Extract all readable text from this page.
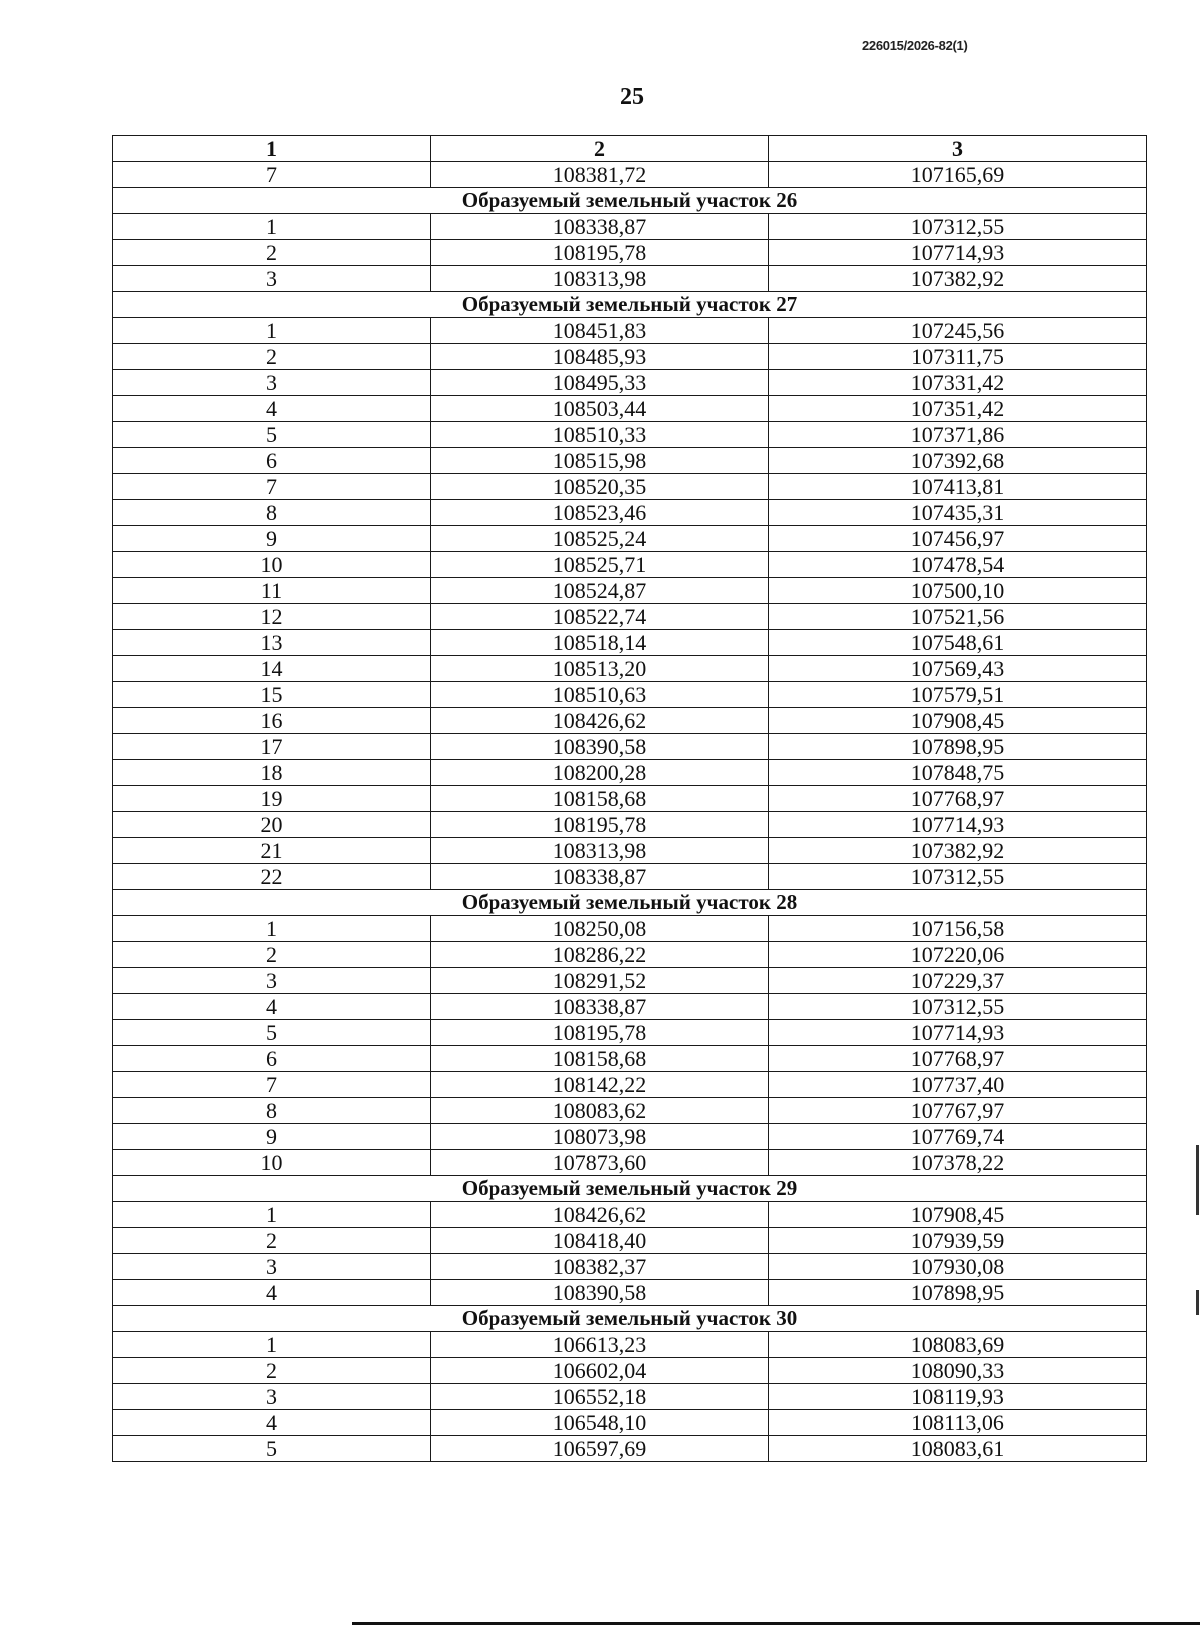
226015/2026-82(1)
25
1	2	3
7	108381,72	107165,69
Образуемый земельный участок 26		
1	108338,87	107312,55
2	108195,78	107714,93
3	108313,98	107382,92
Образуемый земельный участок 27		
1	108451,83	107245,56
2	108485,93	107311,75
3	108495,33	107331,42
4	108503,44	107351,42
5	108510,33	107371,86
6	108515,98	107392,68
7	108520,35	107413,81
8	108523,46	107435,31
9	108525,24	107456,97
10	108525,71	107478,54
11	108524,87	107500,10
12	108522,74	107521,56
13	108518,14	107548,61
14	108513,20	107569,43
15	108510,63	107579,51
16	108426,62	107908,45
17	108390,58	107898,95
18	108200,28	107848,75
19	108158,68	107768,97
20	108195,78	107714,93
21	108313,98	107382,92
22	108338,87	107312,55
Образуемый земельный участок 28		
1	108250,08	107156,58
2	108286,22	107220,06
3	108291,52	107229,37
4	108338,87	107312,55
5	108195,78	107714,93
6	108158,68	107768,97
7	108142,22	107737,40
8	108083,62	107767,97
9	108073,98	107769,74
10	107873,60	107378,22
Образуемый земельный участок 29		
1	108426,62	107908,45
2	108418,40	107939,59
3	108382,37	107930,08
4	108390,58	107898,95
Образуемый земельный участок 30		
1	106613,23	108083,69
2	106602,04	108090,33
3	106552,18	108119,93
4	106548,10	108113,06
5	106597,69	108083,61
